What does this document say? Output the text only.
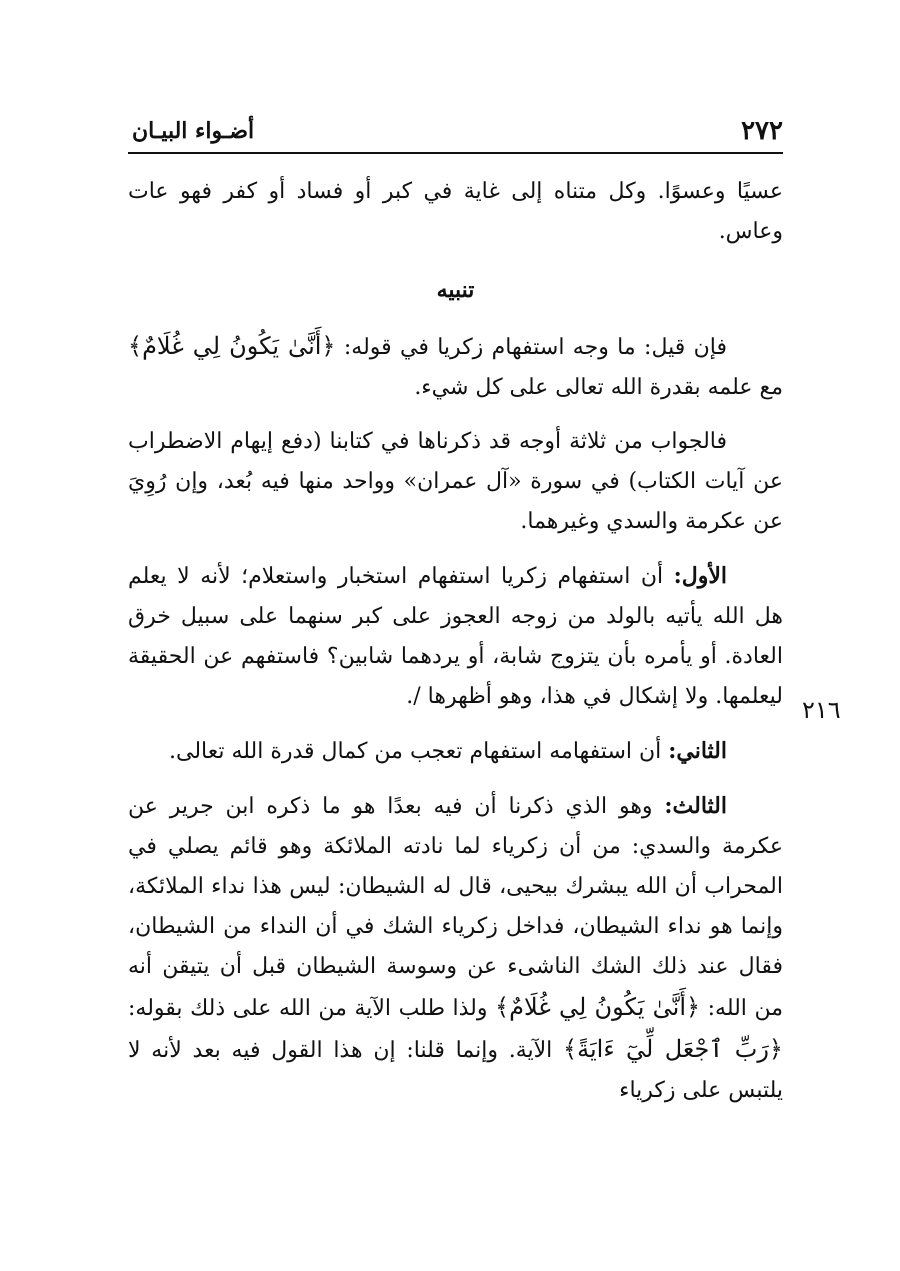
٢٧٢
أضـواء البيـان

عسيًا وعسوًا. وكل متناه إلى غاية في كبر أو فساد أو كفر فهو عات وعاس.

تنبيه

فإن قيل: ما وجه استفهام زكريا في قوله: ﴿أَنَّىٰ يَكُونُ لِي غُلَامٌ﴾ مع علمه بقدرة الله تعالى على كل شيء.

فالجواب من ثلاثة أوجه قد ذكرناها في كتابنا (دفع إيهام الاضطراب عن آيات الكتاب) في سورة «آل عمران» وواحد منها فيه بُعد، وإن رُوِيَ عن عكرمة والسدي وغيرهما.

الأول: أن استفهام زكريا استفهام استخبار واستعلام؛ لأنه لا يعلم هل الله يأتيه بالولد من زوجه العجوز على كبر سنهما على سبيل خرق العادة. أو يأمره بأن يتزوج شابة، أو يردهما شابين؟ فاستفهم عن الحقيقة ليعلمها. ولا إشكال في هذا، وهو أظهرها /.

الثاني: أن استفهامه استفهام تعجب من كمال قدرة الله تعالى.

الثالث: وهو الذي ذكرنا أن فيه بعدًا هو ما ذكره ابن جرير عن عكرمة والسدي: من أن زكرياء لما نادته الملائكة وهو قائم يصلي في المحراب أن الله يبشرك بيحيى، قال له الشيطان: ليس هذا نداء الملائكة، وإنما هو نداء الشيطان، فداخل زكرياء الشك في أن النداء من الشيطان، فقال عند ذلك الشك الناشىء عن وسوسة الشيطان قبل أن يتيقن أنه من الله: ﴿أَنَّىٰ يَكُونُ لِي غُلَامٌ﴾ ولذا طلب الآية من الله على ذلك بقوله: ﴿رَبِّ ٱجْعَل لِّيٓ ءَايَةً﴾ الآية. وإنما قلنا: إن هذا القول فيه بعد لأنه لا يلتبس على زكرياء

٢١٦
